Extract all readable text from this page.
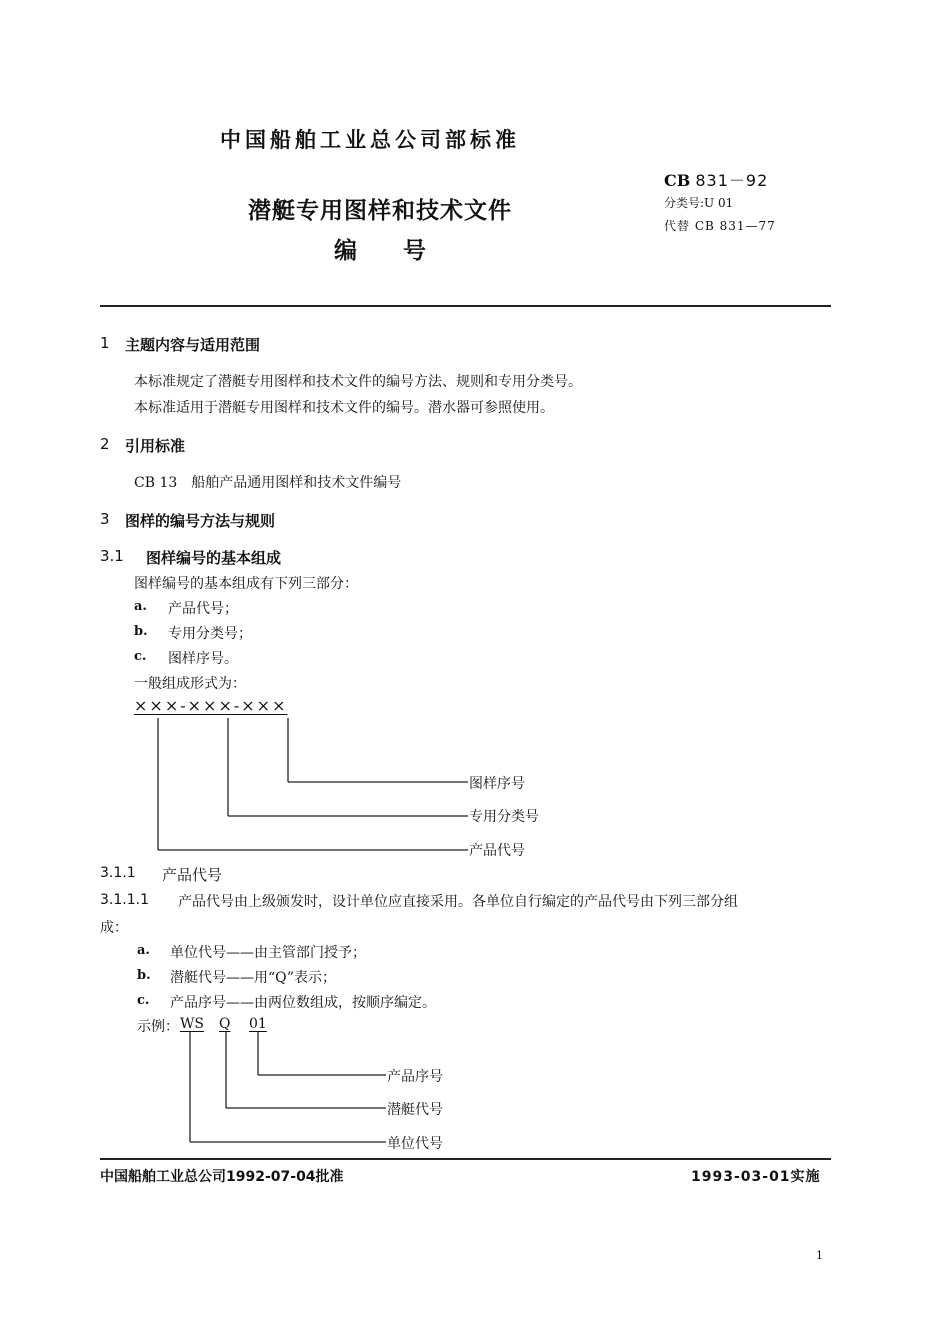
中国船舶工业总公司部标准
潜艇专用图样和技术文件
编　　号
CB 831－92
分类号:U 01
代替 CB 831—77
1 主题内容与适用范围
本标准规定了潜艇专用图样和技术文件的编号方法、规则和专用分类号。
本标准适用于潜艇专用图样和技术文件的编号。潜水器可参照使用。
2 引用标准
CB 13　船舶产品通用图样和技术文件编号
3 图样的编号方法与规则
3.1 图样编号的基本组成
图样编号的基本组成有下列三部分：
a. 产品代号；
b. 专用分类号；
c. 图样序号。
一般组成形式为：
×××-×××-×××
图样序号
专用分类号
产品代号
3.1.1 产品代号
3.1.1.1 产品代号由上级颁发时，设计单位应直接采用。各单位自行编定的产品代号由下列三部分组
成：
a. 单位代号——由主管部门授予；
b. 潜艇代号——用“Q”表示；
c. 产品序号——由两位数组成，按顺序编定。
示例： WS Q 01
产品序号
潜艇代号
单位代号
中国船舶工业总公司1992-07-04批准	1993-03-01实施
1
